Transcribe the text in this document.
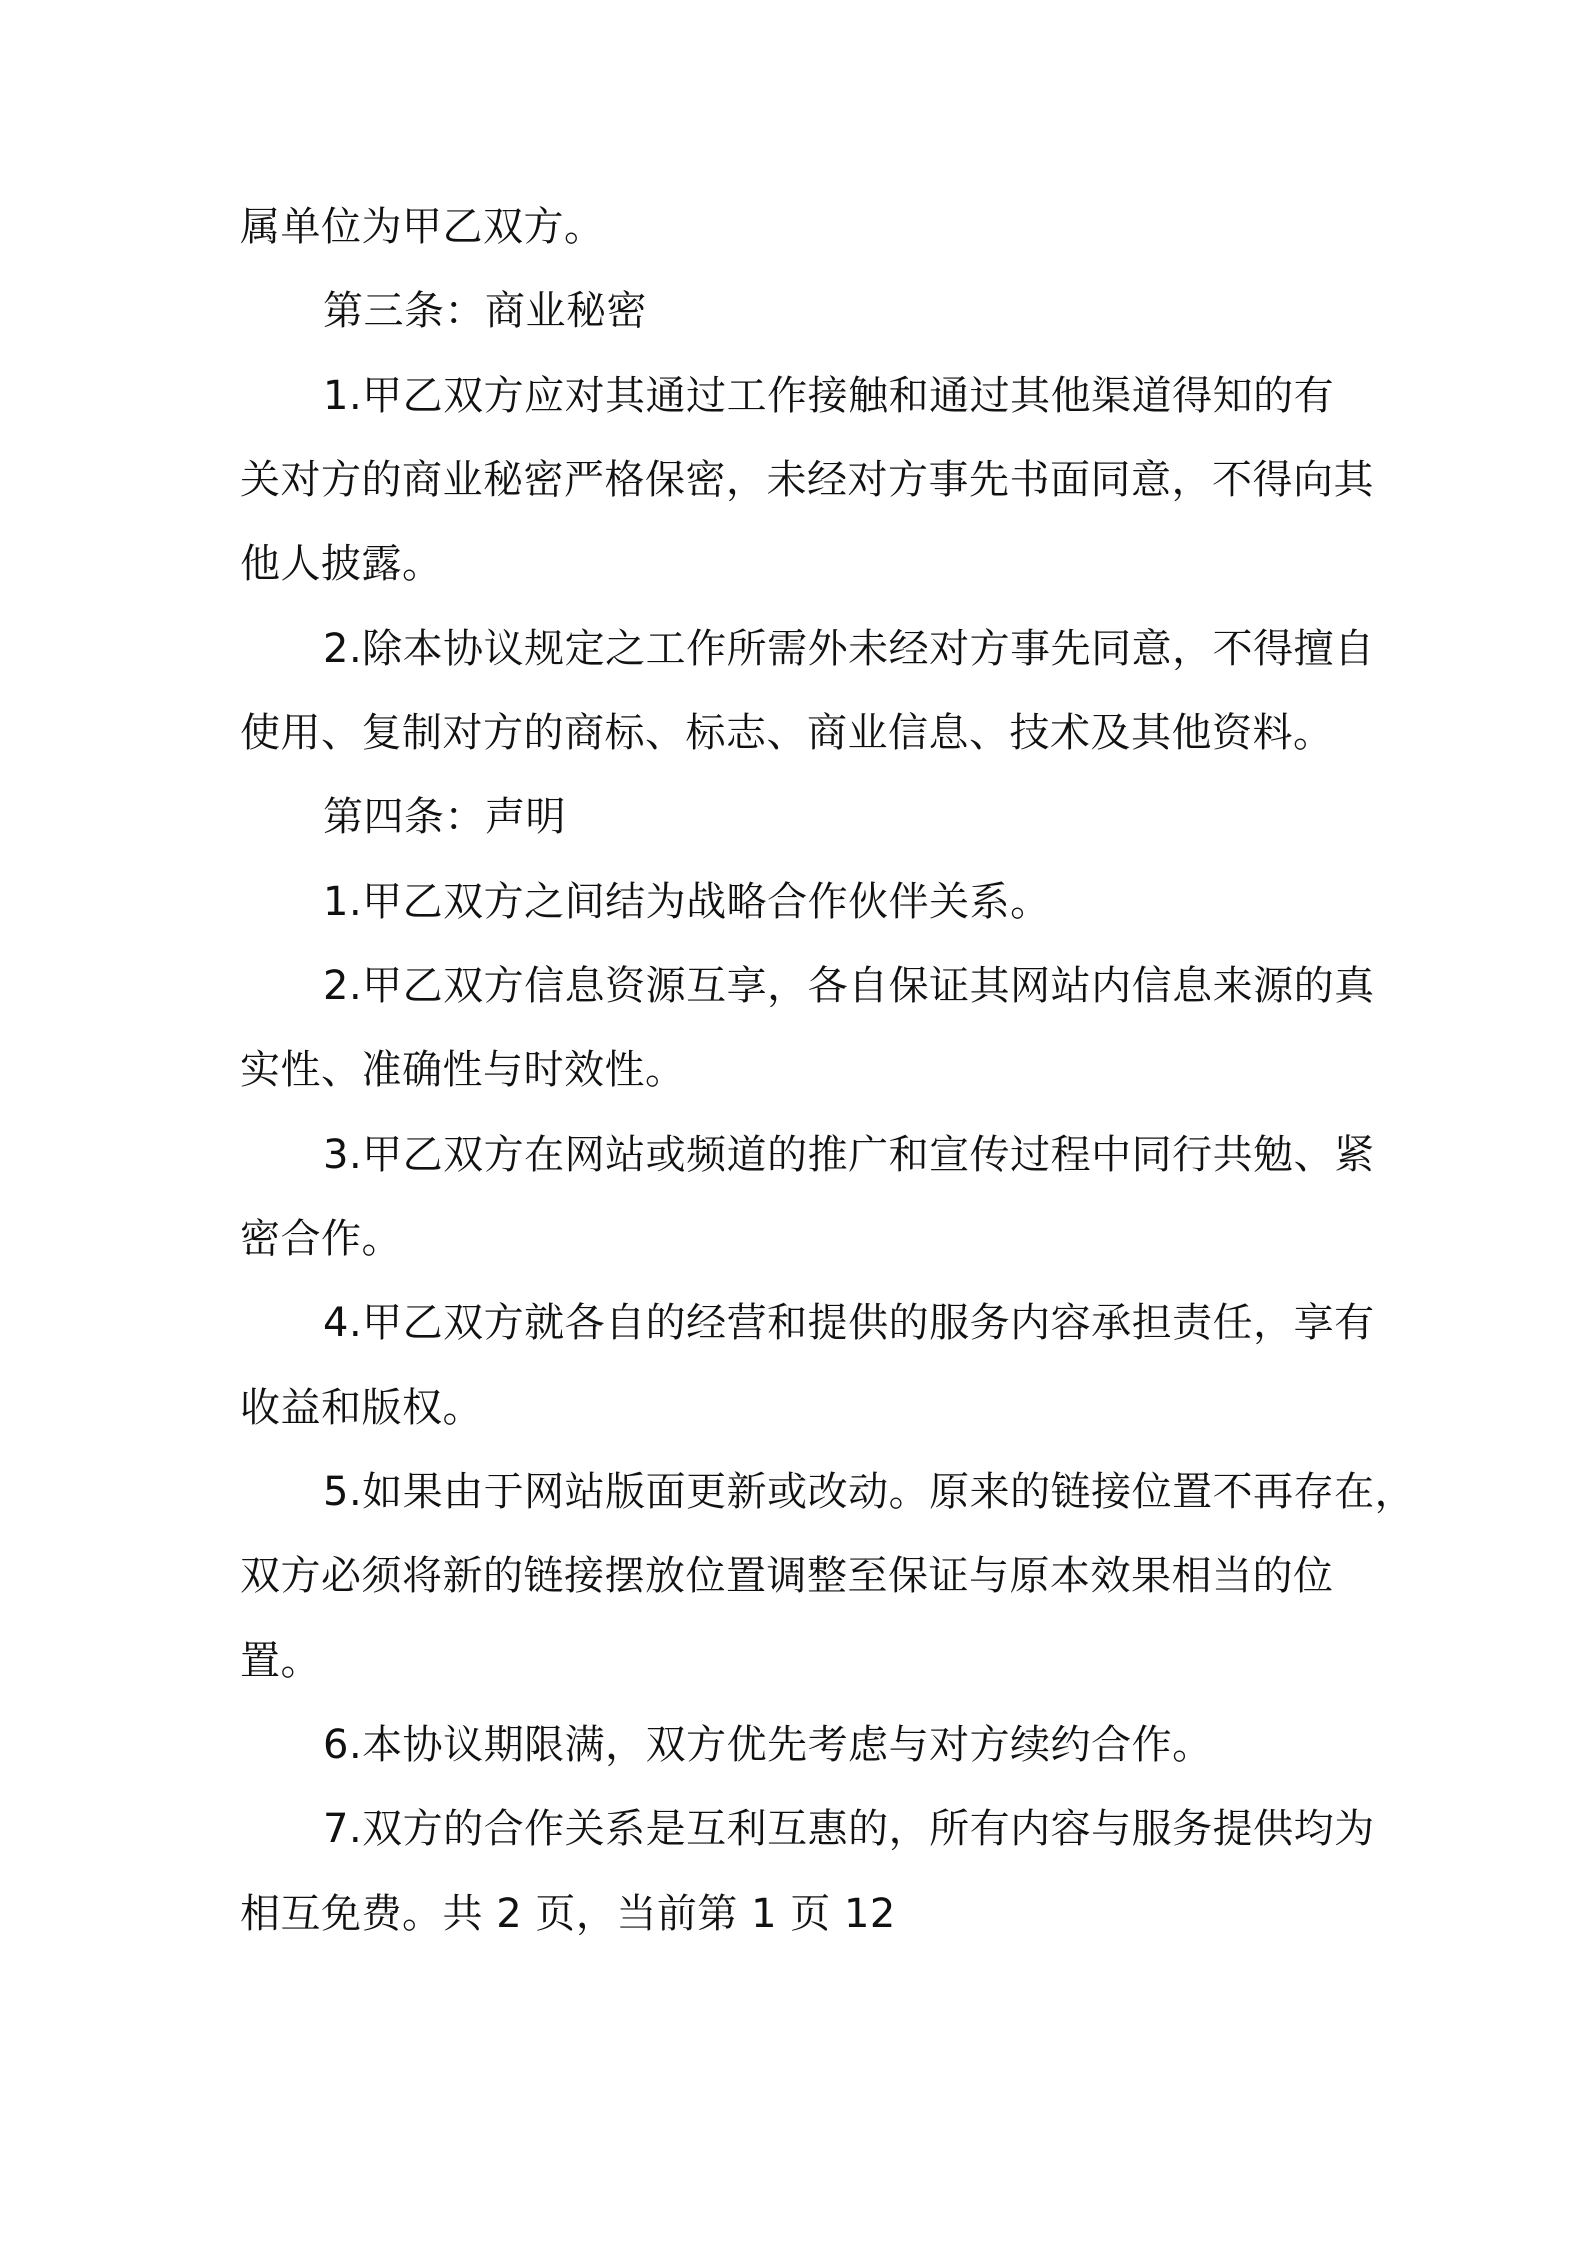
属单位为甲乙双方。
第三条：商业秘密
1.甲乙双方应对其通过工作接触和通过其他渠道得知的有
关对方的商业秘密严格保密，未经对方事先书面同意，不得向其
他人披露。
2.除本协议规定之工作所需外未经对方事先同意，不得擅自
使用、复制对方的商标、标志、商业信息、技术及其他资料。
第四条：声明
1.甲乙双方之间结为战略合作伙伴关系。
2.甲乙双方信息资源互享，各自保证其网站内信息来源的真
实性、准确性与时效性。
3.甲乙双方在网站或频道的推广和宣传过程中同行共勉、紧
密合作。
4.甲乙双方就各自的经营和提供的服务内容承担责任，享有
收益和版权。
5.如果由于网站版面更新或改动。原来的链接位置不再存在，
双方必须将新的链接摆放位置调整至保证与原本效果相当的位
置。
6.本协议期限满，双方优先考虑与对方续约合作。
7.双方的合作关系是互利互惠的，所有内容与服务提供均为
相互免费。共 2 页，当前第 1 页 12
